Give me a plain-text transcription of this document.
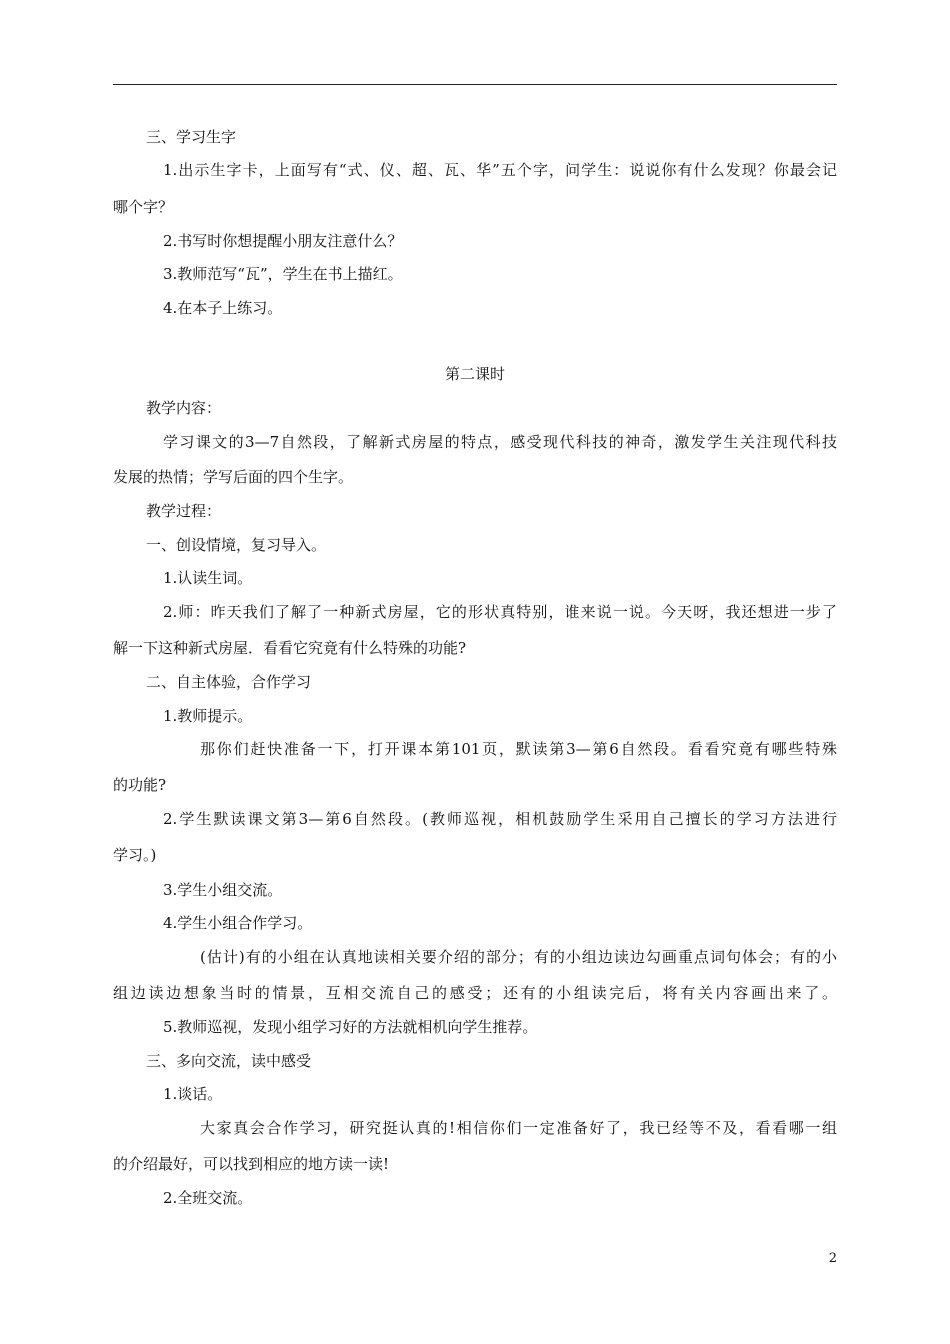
三、学习生字
1.出示生字卡，上面写有“式、仪、超、瓦、华”五个字，问学生：说说你有什么发现？你最会记
哪个字？
2.书写时你想提醒小朋友注意什么？
3.教师范写“瓦”，学生在书上描红。
4.在本子上练习。
第二课时
教学内容：
学习课文的3—7自然段，了解新式房屋的特点，感受现代科技的神奇，激发学生关注现代科技
发展的热情；学写后面的四个生字。
教学过程：
一、创设情境，复习导入。
1.认读生词。
2.师：昨天我们了解了一种新式房屋，它的形状真特别，谁来说一说。今天呀，我还想进一步了
解一下这种新式房屋．看看它究竟有什么特殊的功能?
二、自主体验，合作学习
1.教师提示。
那你们赶快准备一下，打开课本第101页，默读第3—第6自然段。看看究竟有哪些特殊
的功能?
2.学生默读课文第3—第6自然段。(教师巡视，相机鼓励学生采用自己擅长的学习方法进行
学习。)
3.学生小组交流。
4.学生小组合作学习。
(估计)有的小组在认真地读相关要介绍的部分；有的小组边读边勾画重点词句体会；有的小
组边读边想象当时的情景，互相交流自己的感受；还有的小组读完后，将有关内容画出来了。
5.教师巡视，发现小组学习好的方法就相机向学生推荐。
三、多向交流，读中感受
1.谈话。
大家真会合作学习，研究挺认真的!相信你们一定准备好了，我已经等不及，看看哪一组
的介绍最好，可以找到相应的地方读一读!
2.全班交流。
2
